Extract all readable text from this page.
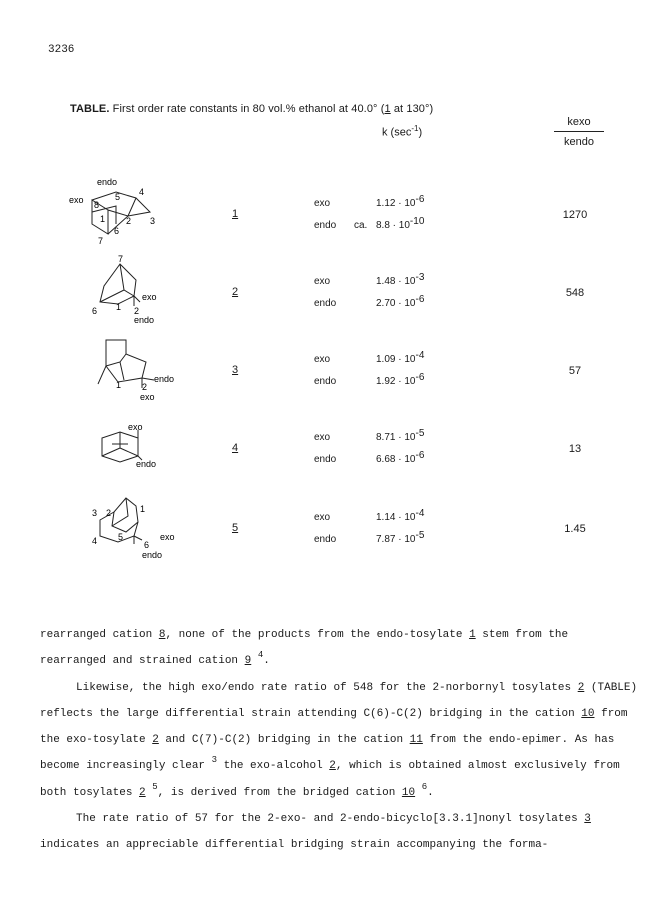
3236
TABLE. First order rate constants in 80 vol.% ethanol at 40.0° (1 at 130°)
k $(\sec^{-1})$
kexo
kendo
endo
exo 8
5 4
1 2 3
6
7
1
exo	$1.12 \cdot 10^{-6}$
endo ca. $8.8 \cdot 10^{-10}$
1270
7
exo
6 1 2
endo
2
exo	$1.48 \cdot 10^{-3}$
endo	$2.70 \cdot 10^{-6}$
548
endo
1 2
exo
3
exo	$1.09 \cdot 10^{-4}$
endo	$1.92 \cdot 10^{-6}$
57
exo
endo
4
exo	$8.71 \cdot 10^{-5}$
endo	$6.68 \cdot 10^{-6}$
13
3 2	1
4 5
6
exo
endo
5
exo	$1.14 \cdot 10^{-4}$
endo	$7.87 \cdot 10^{-5}$
1.45

rearranged cation 8, none of the products from the endo-tosylate 1 stem from the rearranged and strained cation 9 $^4$.

Likewise, the high exo/endo rate ratio of 548 for the 2-norbornyl tosylates 2 (TABLE) reflects the large differential strain attending C(6)-C(2) bridging in the cation 10 from the exo-tosylate 2 and C(7)-C(2) bridging in the cation 11 from the endo-epimer. As has become increasingly clear $^3$ the exo-alcohol 2, which is obtained almost exclusively from both tosylates 2 $^5$, is derived from the bridged cation 10 $^6$.

The rate ratio of 57 for the 2-exo- and 2-endo-bicyclo[3.3.1]nonyl tosylates 3 indicates an appreciable differential bridging strain accompanying the forma-
